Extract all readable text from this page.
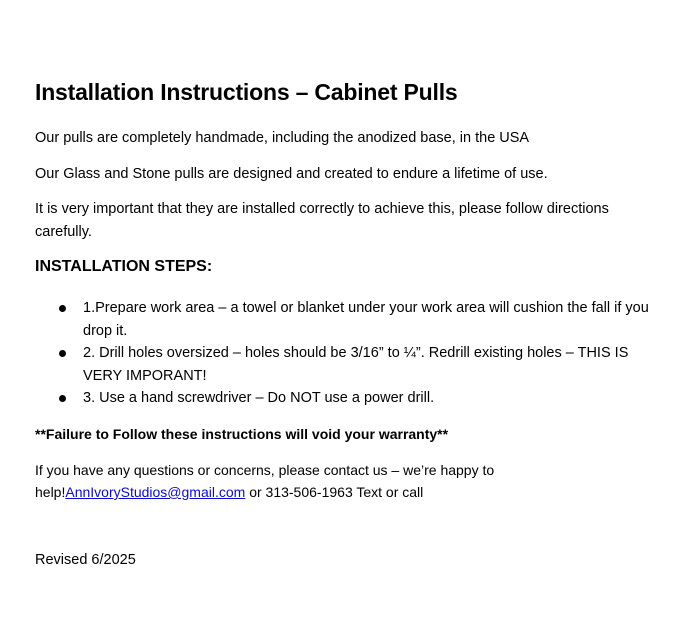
Installation Instructions – Cabinet Pulls

Our pulls are completely handmade, including the anodized base, in the USA

Our Glass and Stone pulls are designed and created to endure a lifetime of use.

It is very important that they are installed correctly to achieve this, please follow directions carefully.

INSTALLATION STEPS:
1.Prepare work area – a towel or blanket under your work area will cushion the fall if you drop it.
2. Drill holes oversized – holes should be 3/16” to ¼”. Redrill existing holes – THIS IS VERY IMPORANT!
3. Use a hand screwdriver – Do NOT use a power drill.

**Failure to Follow these instructions will void your warranty**

If you have any questions or concerns, please contact us – we’re happy to help!AnnIvoryStudios@gmail.com or 313-506-1963 Text or call

Revised 6/2025
